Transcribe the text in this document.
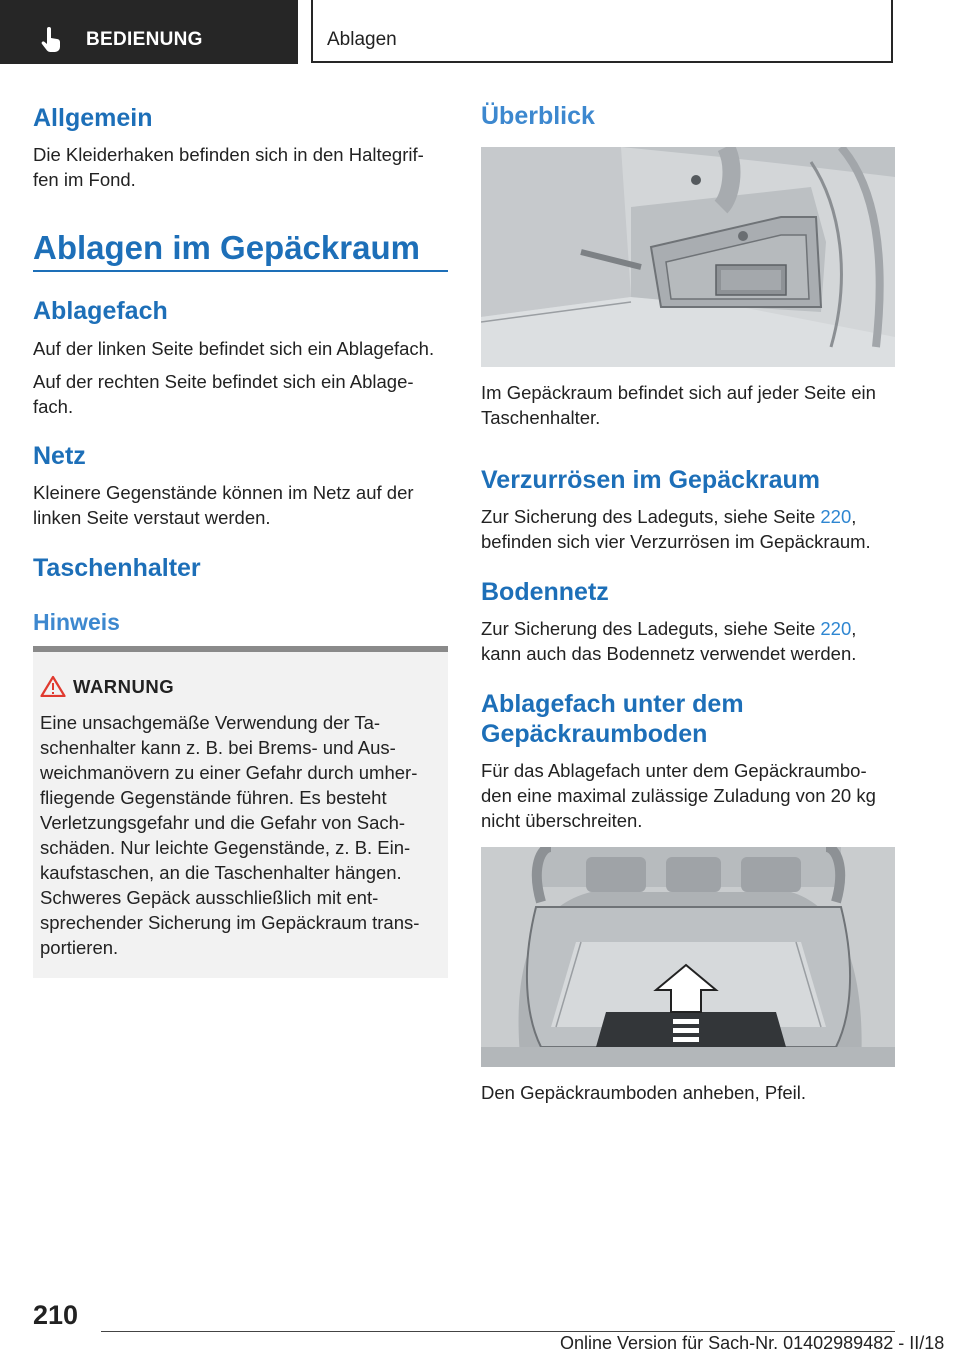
BEDIENUNG	Ablagen
Allgemein

Die Kleiderhaken befinden sich in den Haltegrif-

fen im Fond.

Ablagen im Gepäckraum
Ablagefach

Auf der linken Seite befindet sich ein Ablagefach.

Auf der rechten Seite befindet sich ein Ablage-

fach.

Netz

Kleinere Gegenstände können im Netz auf der

linken Seite verstaut werden.

Taschenhalter
Hinweis
WARNUNG
Eine unsachgemäße Verwendung der Ta-
schenhalter kann z. B. bei Brems- und Aus-
weichmanövern zu einer Gefahr durch umher-
fliegende Gegenstände führen. Es besteht
Verletzungsgefahr und die Gefahr von Sach-
schäden. Nur leichte Gegenstände, z. B. Ein-
kaufstaschen, an die Taschenhalter hängen.
Schweres Gepäck ausschließlich mit ent-
sprechender Sicherung im Gepäckraum trans-
portieren.
Überblick

Im Gepäckraum befindet sich auf jeder Seite ein

Taschenhalter.

Verzurrösen im Gepäckraum

Zur Sicherung des Ladeguts, siehe Seite 220,

befinden sich vier Verzurrösen im Gepäckraum.

Bodennetz

Zur Sicherung des Ladeguts, siehe Seite 220,

kann auch das Bodennetz verwendet werden.

Ablagefach unter dem
Gepäckraumboden

Für das Ablagefach unter dem Gepäckraumbo-

den eine maximal zulässige Zuladung von 20 kg

nicht überschreiten.

Den Gepäckraumboden anheben, Pfeil.

210
Online Version für Sach-Nr. 01402989482 - II/18
